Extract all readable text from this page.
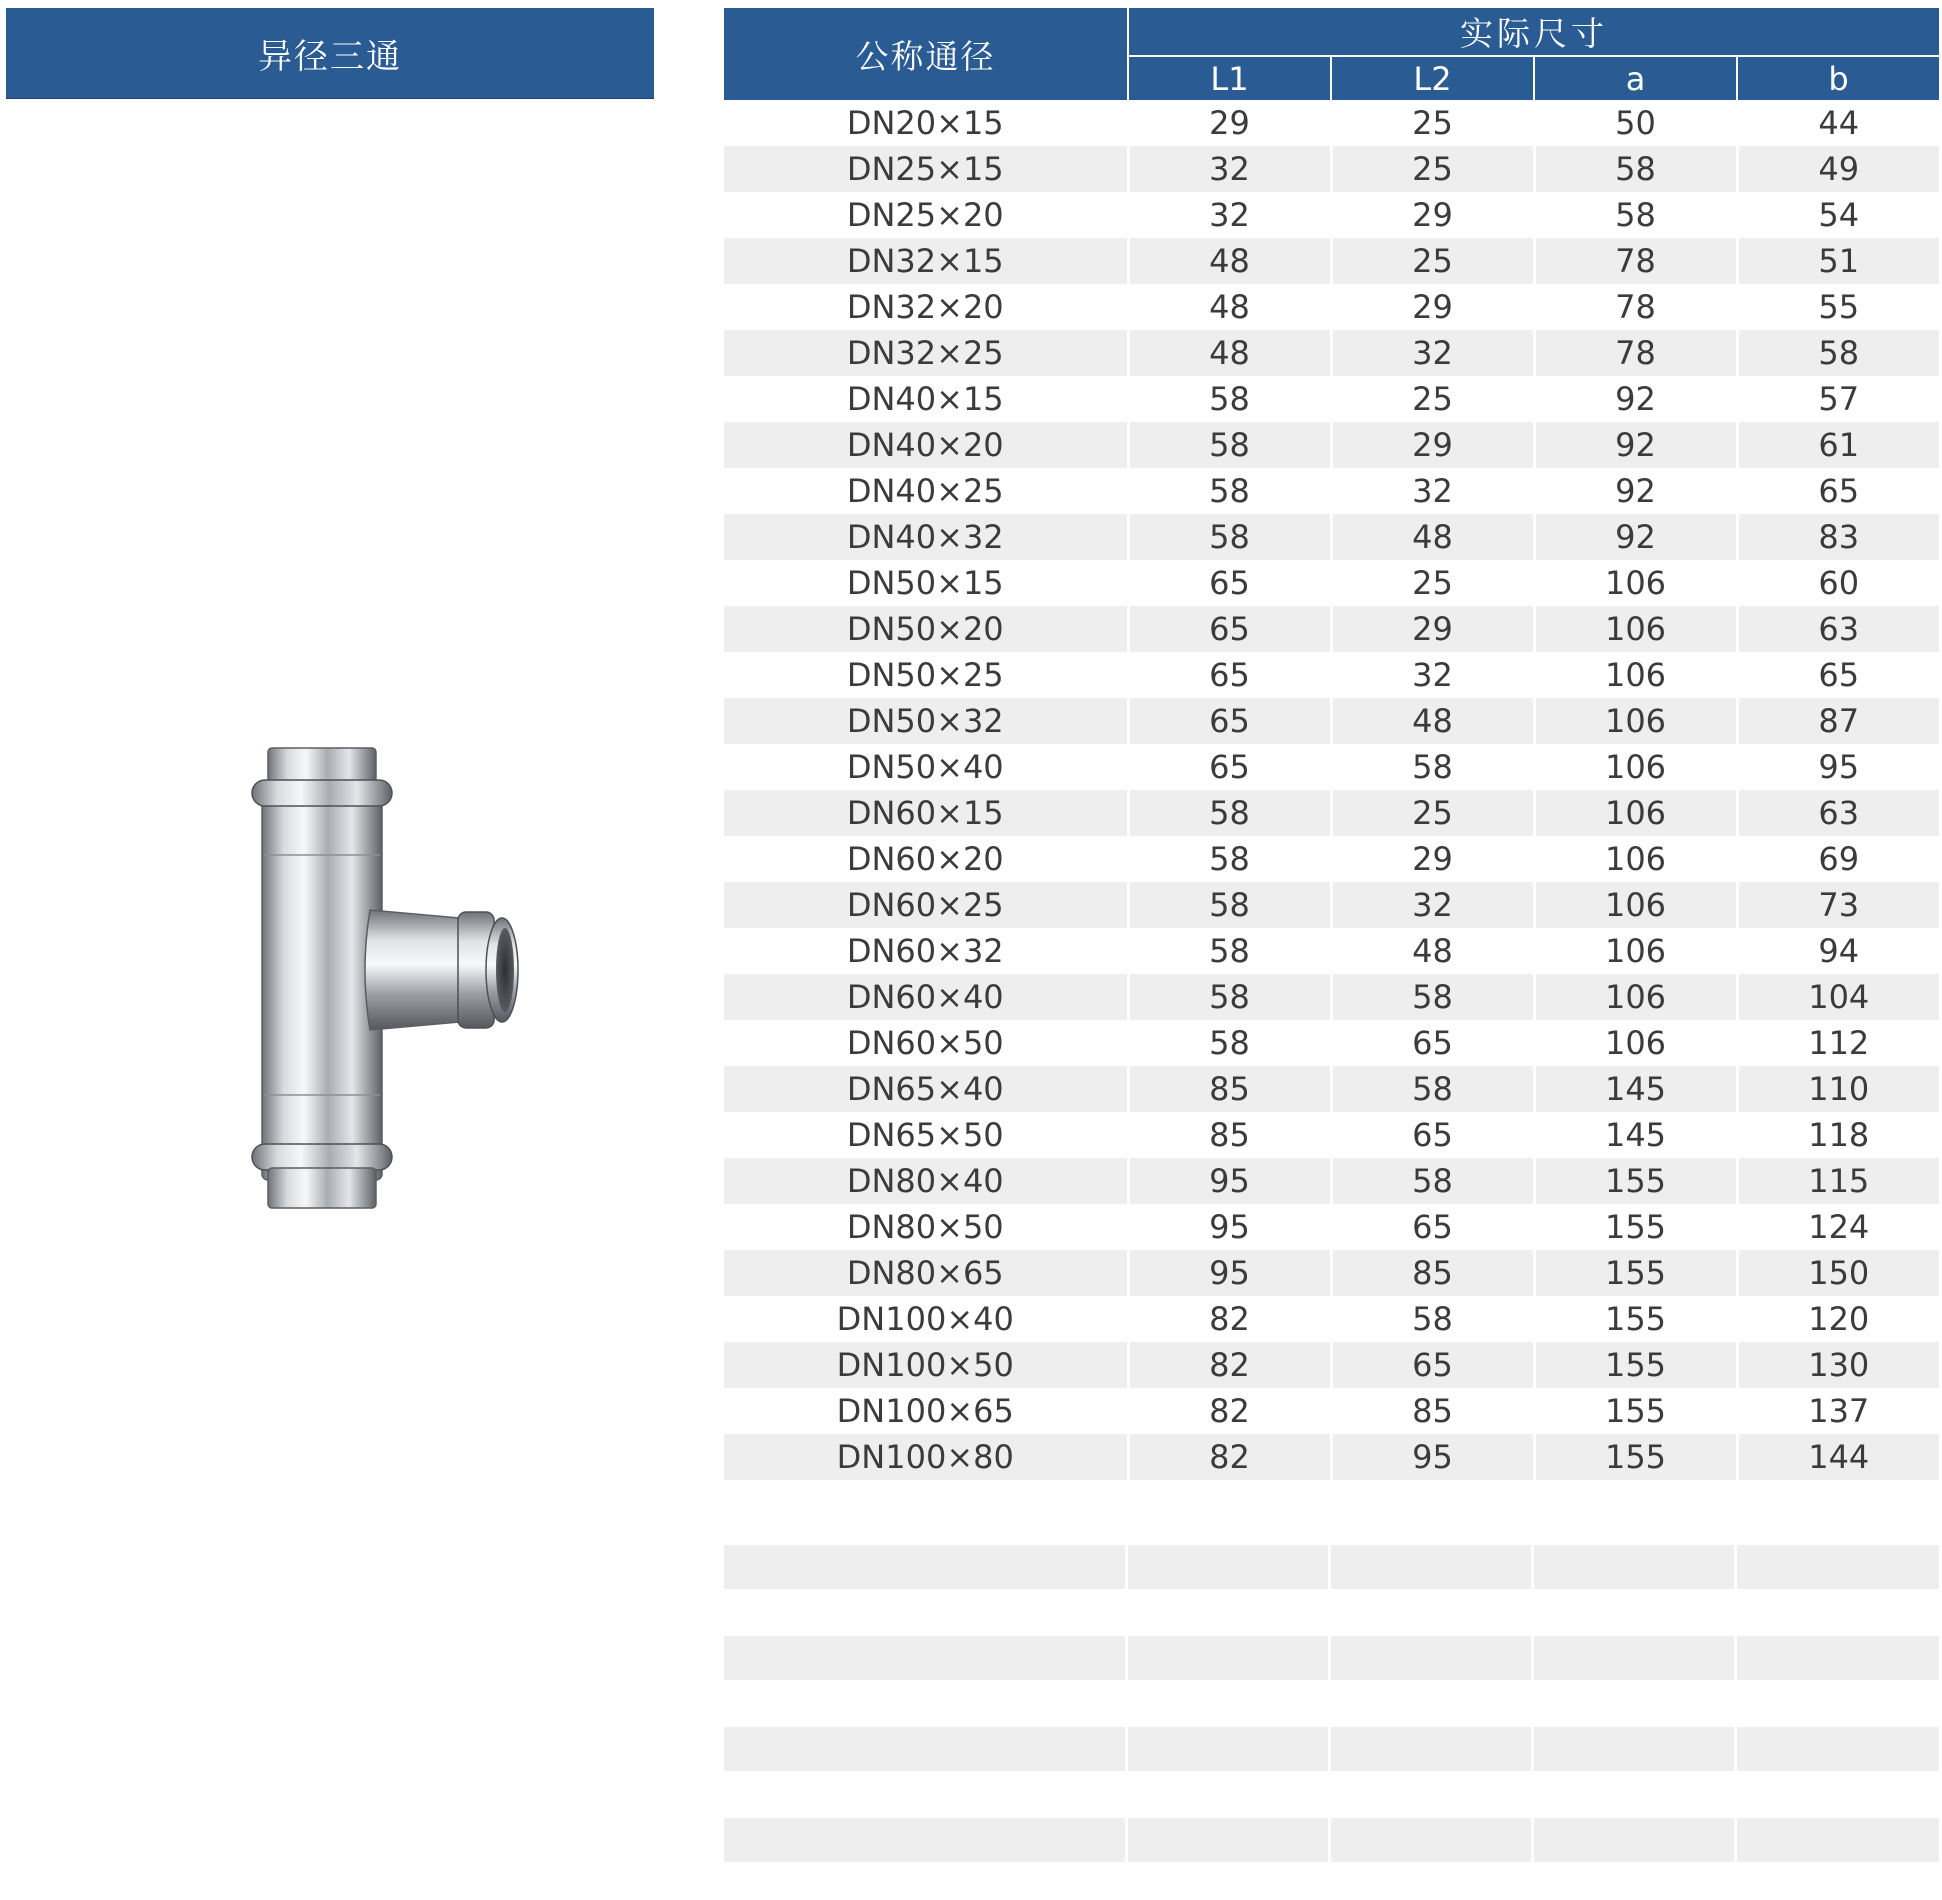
异径三通	公称通径	实际尺寸			
	L1	L2	a	b
DN20×15	29	25	50	44
DN25×15	32	25	58	49
DN25×20	32	29	58	54
DN32×15	48	25	78	51
DN32×20	48	29	78	55
DN32×25	48	32	78	58
DN40×15	58	25	92	57
DN40×20	58	29	92	61
DN40×25	58	32	92	65
DN40×32	58	48	92	83
DN50×15	65	25	106	60
DN50×20	65	29	106	63
DN50×25	65	32	106	65
DN50×32	65	48	106	87
DN50×40	65	58	106	95
DN60×15	58	25	106	63
DN60×20	58	29	106	69
DN60×25	58	32	106	73
DN60×32	58	48	106	94
DN60×40	58	58	106	104
DN60×50	58	65	106	112
DN65×40	85	58	145	110
DN65×50	85	65	145	118
DN80×40	95	58	155	115
DN80×50	95	65	155	124
DN80×65	95	85	155	150
DN100×40	82	58	155	120
DN100×50	82	65	155	130
DN100×65	82	85	155	137
DN100×80	82	95	155	144
